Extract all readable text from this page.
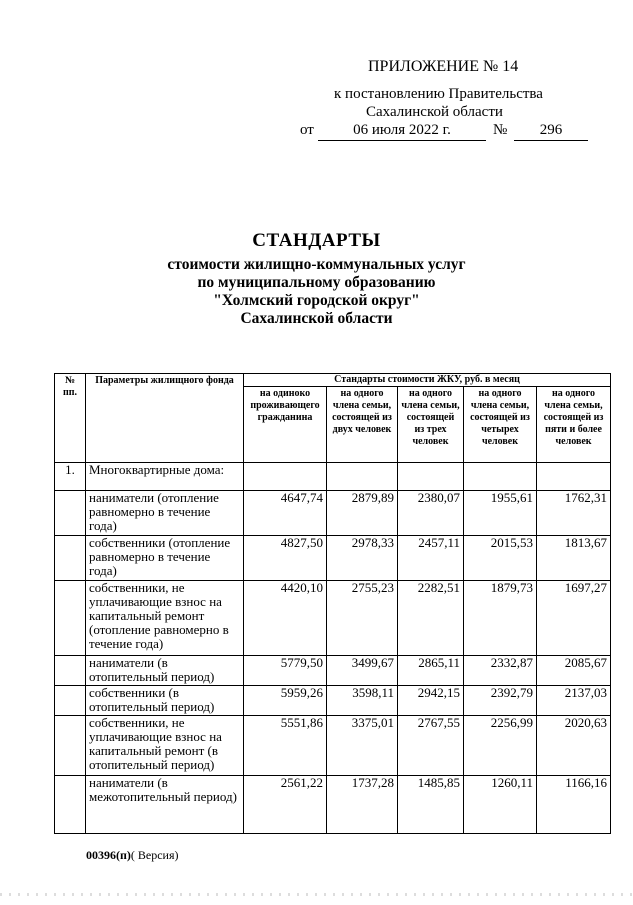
ПРИЛОЖЕНИЕ № 14
к постановлению Правительства
Сахалинской области
от	06 июля 2022 г.	№	296
СТАНДАРТЫ
стоимости жилищно-коммунальных услуг
по муниципальному образованию
"Холмский городской округ"
Сахалинской области
№ пп.	Параметры жилищного фонда	Стандарты стоимости ЖКУ, руб. в месяц				
		на одиноко проживающего гражданина	на одного члена семьи, состоящей из двух человек	на одного члена семьи, состоящей из трех человек	на одного члена семьи, состоящей из четырех человек	на одного члена семьи, состоящей из пяти и более человек
1.	Многоквартирные дома:					
	наниматели (отопление равномерно в течение года)	4647,74	2879,89	2380,07	1955,61	1762,31
	собственники (отопление равномерно в течение года)	4827,50	2978,33	2457,11	2015,53	1813,67
	собственники, не уплачивающие взнос на капитальный ремонт (отопление равномерно в течение года)	4420,10	2755,23	2282,51	1879,73	1697,27
	наниматели (в отопительный период)	5779,50	3499,67	2865,11	2332,87	2085,67
	собственники (в отопительный период)	5959,26	3598,11	2942,15	2392,79	2137,03
	собственники, не уплачивающие взнос на капитальный ремонт (в отопительный период)	5551,86	3375,01	2767,55	2256,99	2020,63
	наниматели (в межотопительный период)	2561,22	1737,28	1485,85	1260,11	1166,16
00396(п)( Версия)
